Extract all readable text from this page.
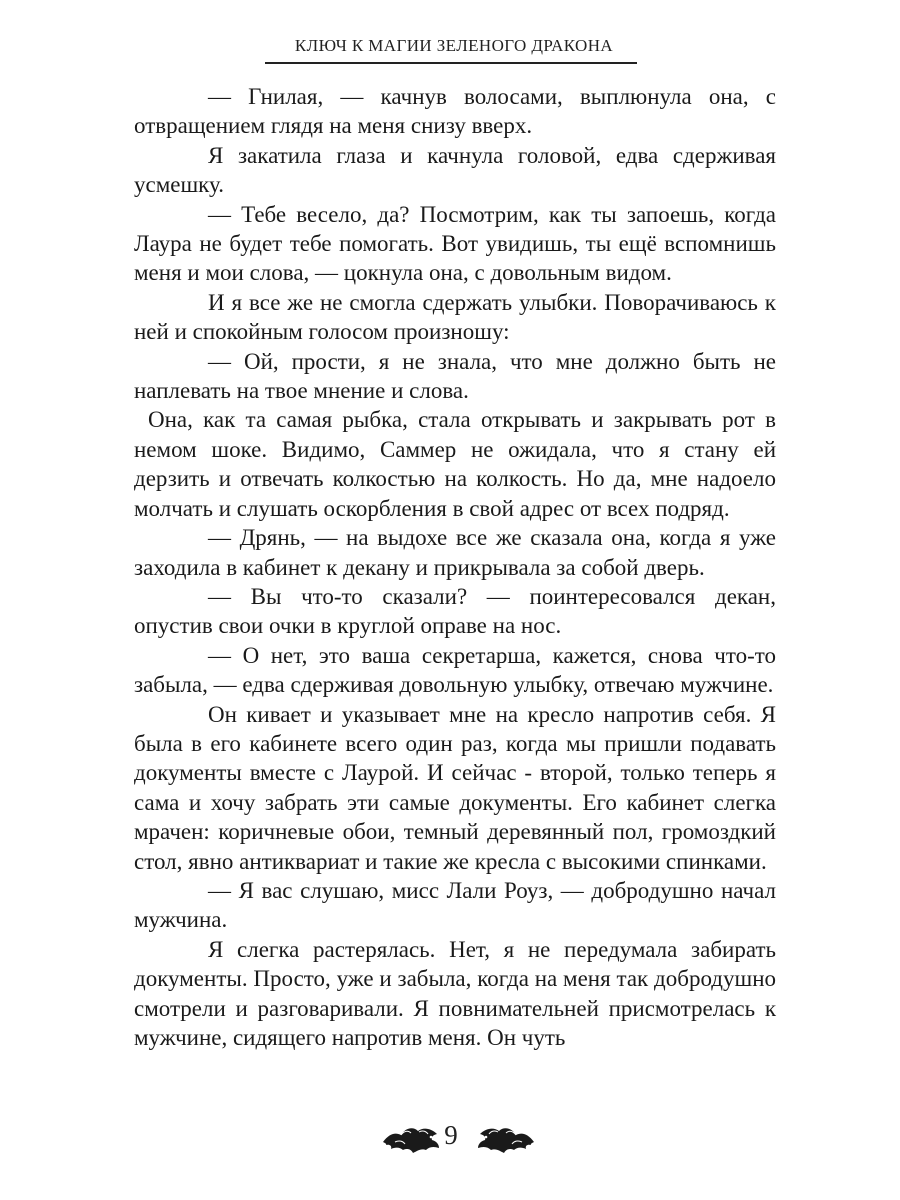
КЛЮЧ К МАГИИ ЗЕЛЕНОГО ДРАКОНА

— Гнилая, — качнув волосами, выплюнула она, с отвращением глядя на меня снизу вверх.

Я закатила глаза и качнула головой, едва сдерживая усмешку.

— Тебе весело, да? Посмотрим, как ты запоешь, когда Лаура не будет тебе помогать. Вот увидишь, ты ещё вспомнишь меня и мои слова, — цокнула она, с довольным видом.

И я все же не смогла сдержать улыбки. Поворачиваюсь к ней и спокойным голосом произношу:

— Ой, прости, я не знала, что мне должно быть не наплевать на твое мнение и слова.

Она, как та самая рыбка, стала открывать и закрывать рот в немом шоке. Видимо, Саммер не ожидала, что я стану ей дерзить и отвечать колкостью на колкость. Но да, мне надоело молчать и слушать оскорбления в свой адрес от всех подряд.

— Дрянь, — на выдохе все же сказала она, когда я уже заходила в кабинет к декану и прикрывала за собой дверь.

— Вы что-то сказали? — поинтересовался декан, опустив свои очки в круглой оправе на нос.

— О нет, это ваша секретарша, кажется, снова что-то забыла, — едва сдерживая довольную улыбку, отвечаю мужчине.

Он кивает и указывает мне на кресло напротив себя. Я была в его кабинете всего один раз, когда мы пришли подавать документы вместе с Лаурой. И сейчас - второй, только теперь я сама и хочу забрать эти самые документы. Его кабинет слегка мрачен: коричневые обои, темный деревянный пол, громоздкий стол, явно антиквариат и такие же кресла с высокими спинками.

— Я вас слушаю, мисс Лали Роуз, — добродушно начал мужчина.

Я слегка растерялась. Нет, я не передумала забирать документы. Просто, уже и забыла, когда на меня так добродушно смотрели и разговаривали. Я повнимательней присмотрелась к мужчине, сидящего напротив меня. Он чуть

9
